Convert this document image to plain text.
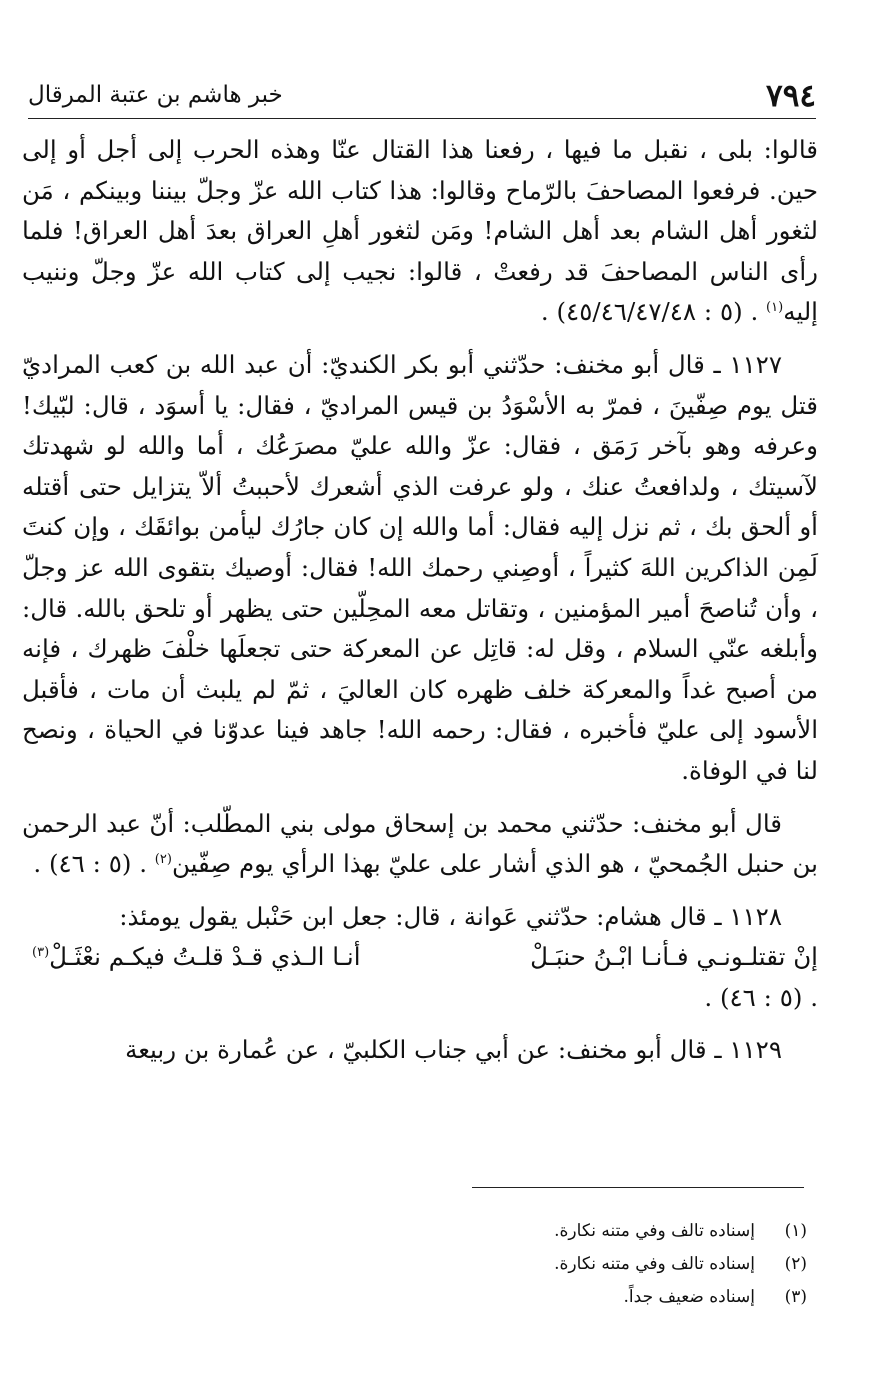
٧٩٤
خبر هاشم بن عتبة المرقال

قالوا: بلى ، نقبل ما فيها ، رفعنا هذا القتال عنّا وهذه الحرب إلى أجل أو إلى حين. فرفعوا المصاحفَ بالرّماح وقالوا: هذا كتاب الله عزّ وجلّ بيننا وبينكم ، مَن لثغور أهل الشام بعد أهل الشام! ومَن لثغور أهلِ العراق بعدَ أهل العراق! فلما رأى الناس المصاحفَ قد رفعتْ ، قالوا: نجيب إلى كتاب الله عزّ وجلّ وننيب إليه$^{(١)}$ . (٥ : ٤٥/٤٦/٤٧/٤٨) .

١١٢٧ ـ قال أبو مخنف: حدّثني أبو بكر الكنديّ: أن عبد الله بن كعب المراديّ قتل يوم صِفّينَ ، فمرّ به الأسْوَدُ بن قيس المراديّ ، فقال: يا أسوَد ، قال: لبّيك! وعرفه وهو بآخر رَمَق ، فقال: عزّ والله عليّ مصرَعُك ، أما والله لو شهدتك لآسيتك ، ولدافعتُ عنك ، ولو عرفت الذي أشعرك لأحببتُ ألاّ يتزايل حتى أقتله أو ألحق بك ، ثم نزل إليه فقال: أما والله إن كان جارُك ليأمن بوائقَك ، وإن كنتَ لَمِن الذاكرين اللهَ كثيراً ، أوصِني رحمك الله! فقال: أوصيك بتقوى الله عز وجلّ ، وأن تُناصحَ أمير المؤمنين ، وتقاتل معه المحِلّين حتى يظهر أو تلحق بالله. قال: وأبلغه عنّي السلام ، وقل له: قاتِل عن المعركة حتى تجعلَها خلْفَ ظهرك ، فإنه من أصبح غداً والمعركة خلف ظهره كان العاليَ ، ثمّ لم يلبث أن مات ، فأقبل الأسود إلى عليّ فأخبره ، فقال: رحمه الله! جاهد فينا عدوّنا في الحياة ، ونصح لنا في الوفاة.

قال أبو مخنف: حدّثني محمد بن إسحاق مولى بني المطّلب: أنّ عبد الرحمن بن حنبل الجُمحيّ ، هو الذي أشار على عليّ بهذا الرأي يوم صِفّين$^{(٢)}$ . (٥ : ٤٦) .

١١٢٨ ـ قال هشام: حدّثني عَوانة ، قال: جعل ابن حَنْبل يقول يومئذ:

إنْ تقتلـونـي فـأنـا ابْـنُ حنبَـلْ
أنـا الـذي قـدْ قلـتُ فيكـم نعْثَـلْ$^{(٣)}$

. (٥ : ٤٦) .

١١٢٩ ـ قال أبو مخنف: عن أبي جناب الكلبيّ ، عن عُمارة بن ربيعة

(١)
إسناده تالف وفي متنه نكارة.
(٢)
إسناده تالف وفي متنه نكارة.
(٣)
إسناده ضعيف جداً.
